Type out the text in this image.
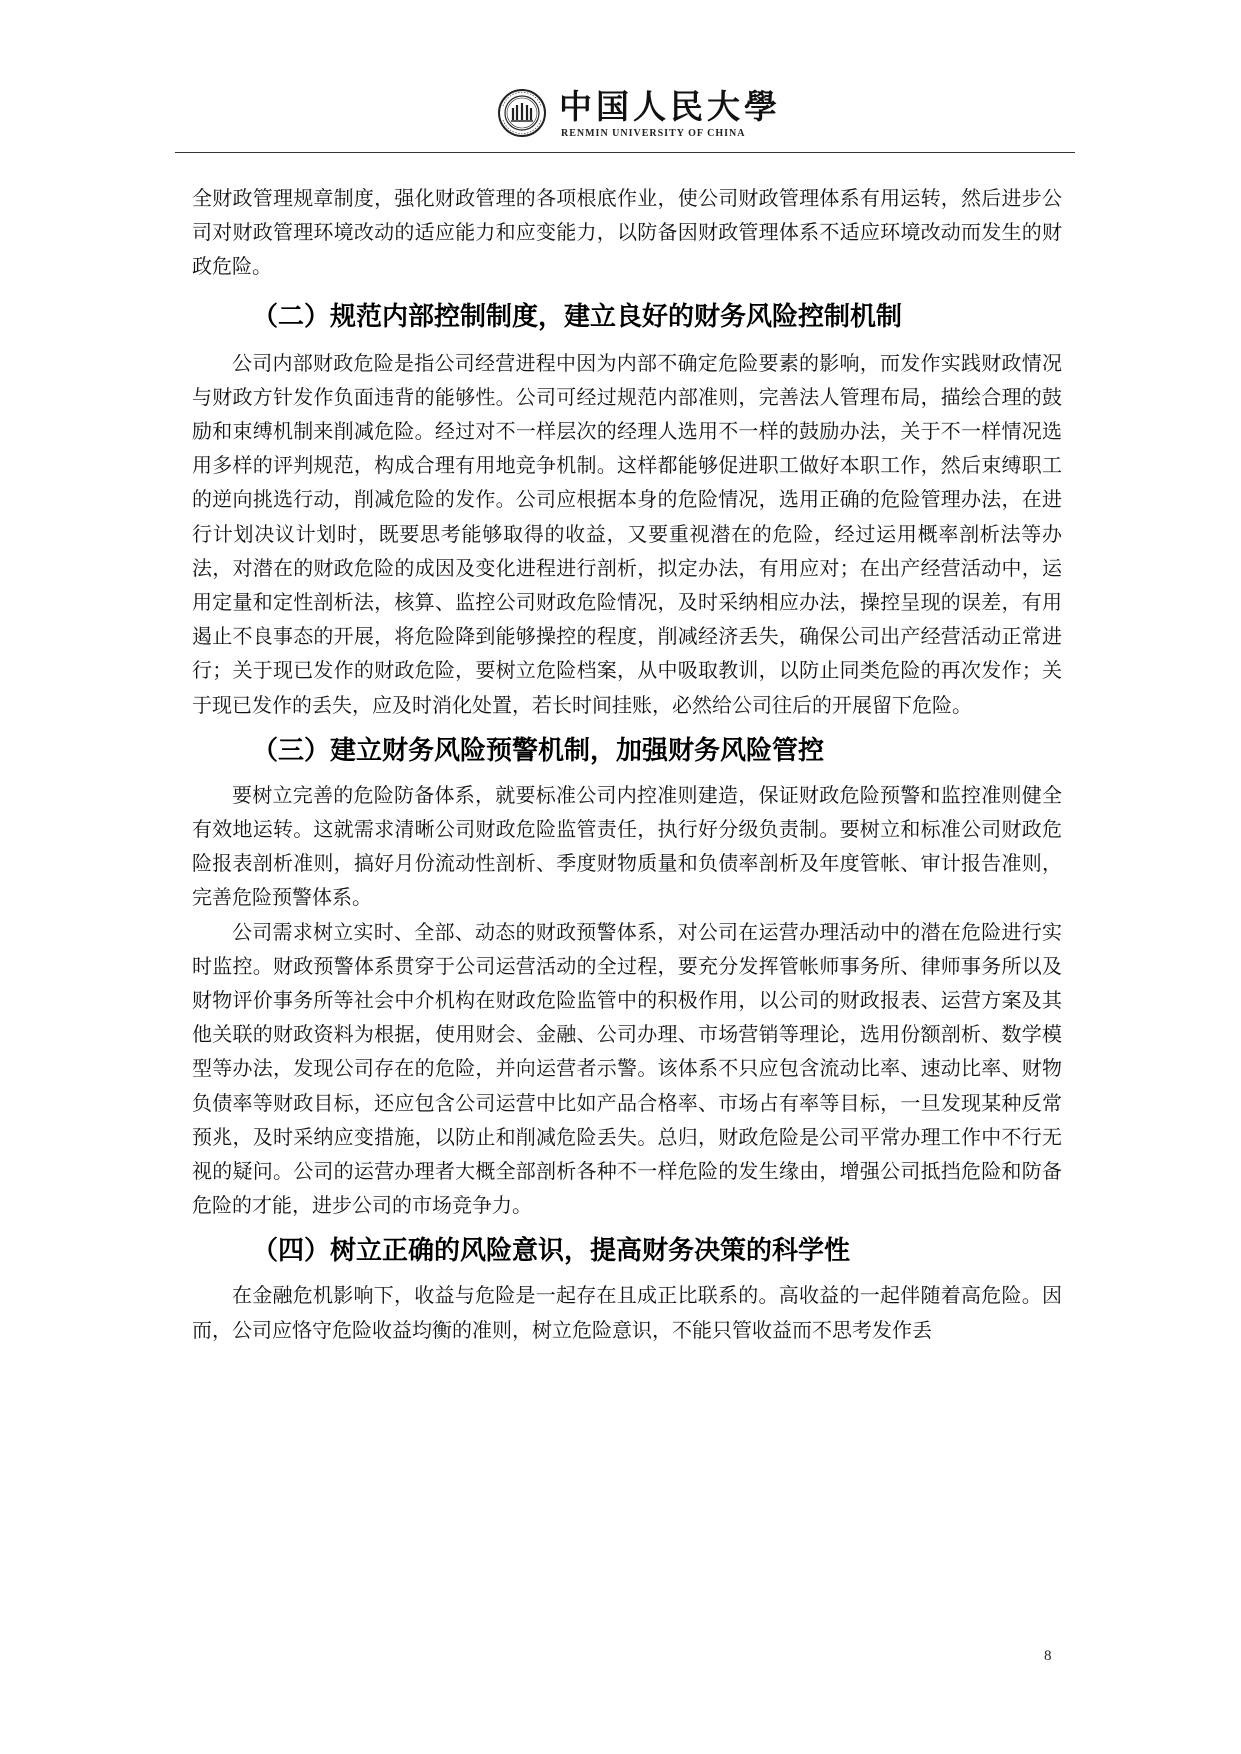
中国人民大學
RENMIN UNIVERSITY OF CHINA

全财政管理规章制度，强化财政管理的各项根底作业，使公司财政管理体系有用运转，然后进步公司对财政管理环境改动的适应能力和应变能力，以防备因财政管理体系不适应环境改动而发生的财政危险。

（二）规范内部控制制度，建立良好的财务风险控制机制

公司内部财政危险是指公司经营进程中因为内部不确定危险要素的影响，而发作实践财政情况与财政方针发作负面违背的能够性。公司可经过规范内部准则，完善法人管理布局，描绘合理的鼓励和束缚机制来削减危险。经过对不一样层次的经理人选用不一样的鼓励办法，关于不一样情况选用多样的评判规范，构成合理有用地竞争机制。这样都能够促进职工做好本职工作，然后束缚职工的逆向挑选行动，削减危险的发作。公司应根据本身的危险情况，选用正确的危险管理办法，在进行计划决议计划时，既要思考能够取得的收益，又要重视潜在的危险，经过运用概率剖析法等办法，对潜在的财政危险的成因及变化进程进行剖析，拟定办法，有用应对；在出产经营活动中，运用定量和定性剖析法，核算、监控公司财政危险情况，及时采纳相应办法，操控呈现的误差，有用遏止不良事态的开展，将危险降到能够操控的程度，削减经济丢失，确保公司出产经营活动正常进行；关于现已发作的财政危险，要树立危险档案，从中吸取教训，以防止同类危险的再次发作；关于现已发作的丢失，应及时消化处置，若长时间挂账，必然给公司往后的开展留下危险。

（三）建立财务风险预警机制，加强财务风险管控

要树立完善的危险防备体系，就要标准公司内控准则建造，保证财政危险预警和监控准则健全有效地运转。这就需求清晰公司财政危险监管责任，执行好分级负责制。要树立和标准公司财政危险报表剖析准则，搞好月份流动性剖析、季度财物质量和负债率剖析及年度管帐、审计报告准则，完善危险预警体系。

公司需求树立实时、全部、动态的财政预警体系，对公司在运营办理活动中的潜在危险进行实时监控。财政预警体系贯穿于公司运营活动的全过程，要充分发挥管帐师事务所、律师事务所以及财物评价事务所等社会中介机构在财政危险监管中的积极作用，以公司的财政报表、运营方案及其他关联的财政资料为根据，使用财会、金融、公司办理、市场营销等理论，选用份额剖析、数学模型等办法，发现公司存在的危险，并向运营者示警。该体系不只应包含流动比率、速动比率、财物负债率等财政目标，还应包含公司运营中比如产品合格率、市场占有率等目标，一旦发现某种反常预兆，及时采纳应变措施，以防止和削减危险丢失。总归，财政危险是公司平常办理工作中不行无视的疑问。公司的运营办理者大概全部剖析各种不一样危险的发生缘由，增强公司抵挡危险和防备危险的才能，进步公司的市场竞争力。

（四）树立正确的风险意识，提高财务决策的科学性

在金融危机影响下，收益与危险是一起存在且成正比联系的。高收益的一起伴随着高危险。因而，公司应恪守危险收益均衡的准则，树立危险意识，不能只管收益而不思考发作丢

8
